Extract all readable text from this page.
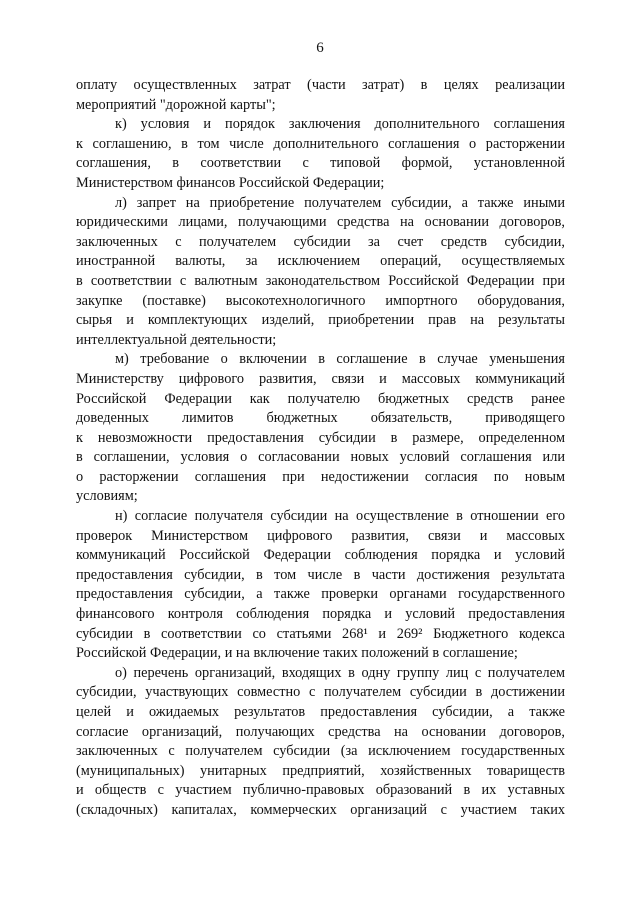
6
оплату осуществленных затрат (части затрат) в целях реализации
мероприятий "дорожной карты";
к) условия и порядок заключения дополнительного соглашения
к соглашению, в том числе дополнительного соглашения о расторжении
соглашения, в соответствии с типовой формой, установленной
Министерством финансов Российской Федерации;
л) запрет на приобретение получателем субсидии, а также иными
юридическими лицами, получающими средства на основании договоров,
заключенных с получателем субсидии за счет средств субсидии,
иностранной валюты, за исключением операций, осуществляемых
в соответствии с валютным законодательством Российской Федерации при
закупке (поставке) высокотехнологичного импортного оборудования,
сырья и комплектующих изделий, приобретении прав на результаты
интеллектуальной деятельности;
м) требование о включении в соглашение в случае уменьшения
Министерству цифрового развития, связи и массовых коммуникаций
Российской Федерации как получателю бюджетных средств ранее
доведенных лимитов бюджетных обязательств, приводящего
к невозможности предоставления субсидии в размере, определенном
в соглашении, условия о согласовании новых условий соглашения или
о расторжении соглашения при недостижении согласия по новым
условиям;
н) согласие получателя субсидии на осуществление в отношении его
проверок Министерством цифрового развития, связи и массовых
коммуникаций Российской Федерации соблюдения порядка и условий
предоставления субсидии, в том числе в части достижения результата
предоставления субсидии, а также проверки органами государственного
финансового контроля соблюдения порядка и условий предоставления
субсидии в соответствии со статьями 268¹ и 269² Бюджетного кодекса
Российской Федерации, и на включение таких положений в соглашение;
о) перечень организаций, входящих в одну группу лиц с получателем
субсидии, участвующих совместно с получателем субсидии в достижении
целей и ожидаемых результатов предоставления субсидии, а также
согласие организаций, получающих средства на основании договоров,
заключенных с получателем субсидии (за исключением государственных
(муниципальных) унитарных предприятий, хозяйственных товариществ
и обществ с участием публично-правовых образований в их уставных
(складочных) капиталах, коммерческих организаций с участием таких
